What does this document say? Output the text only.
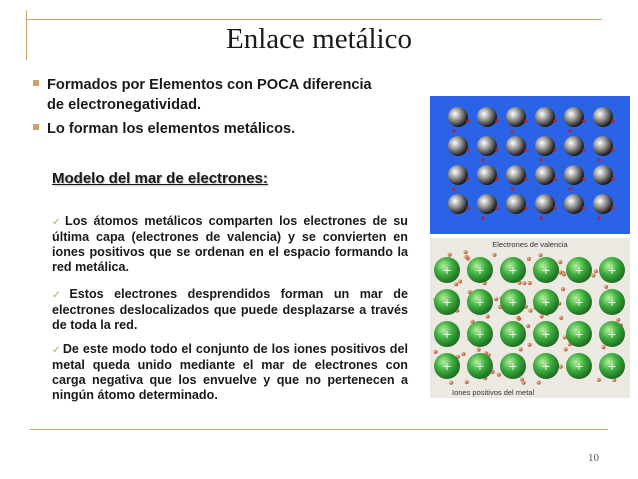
Enlace metálico
Formados por Elementos con POCA diferencia
de electronegatividad.
Lo forman los elementos metálicos.
Modelo del mar de electrones:
✓ Los átomos metálicos comparten los electrones de su última capa (electrones de valencia) y se convierten en iones positivos que se ordenan en el espacio formando la red metálica.
✓ Estos electrones desprendidos forman un mar de electrones deslocalizados que puede desplazarse a través de toda la red.
✓ De este modo todo el conjunto de los iones positivos del metal queda unido mediante el mar de electrones con carga negativa que los envuelve y que no pertenecen a ningún átomo determinado.
Electrones de valencia
+ + + + + +
+ + + + + +
+ + + + + +
+ + + + + +
Iones positivos del metal
10
